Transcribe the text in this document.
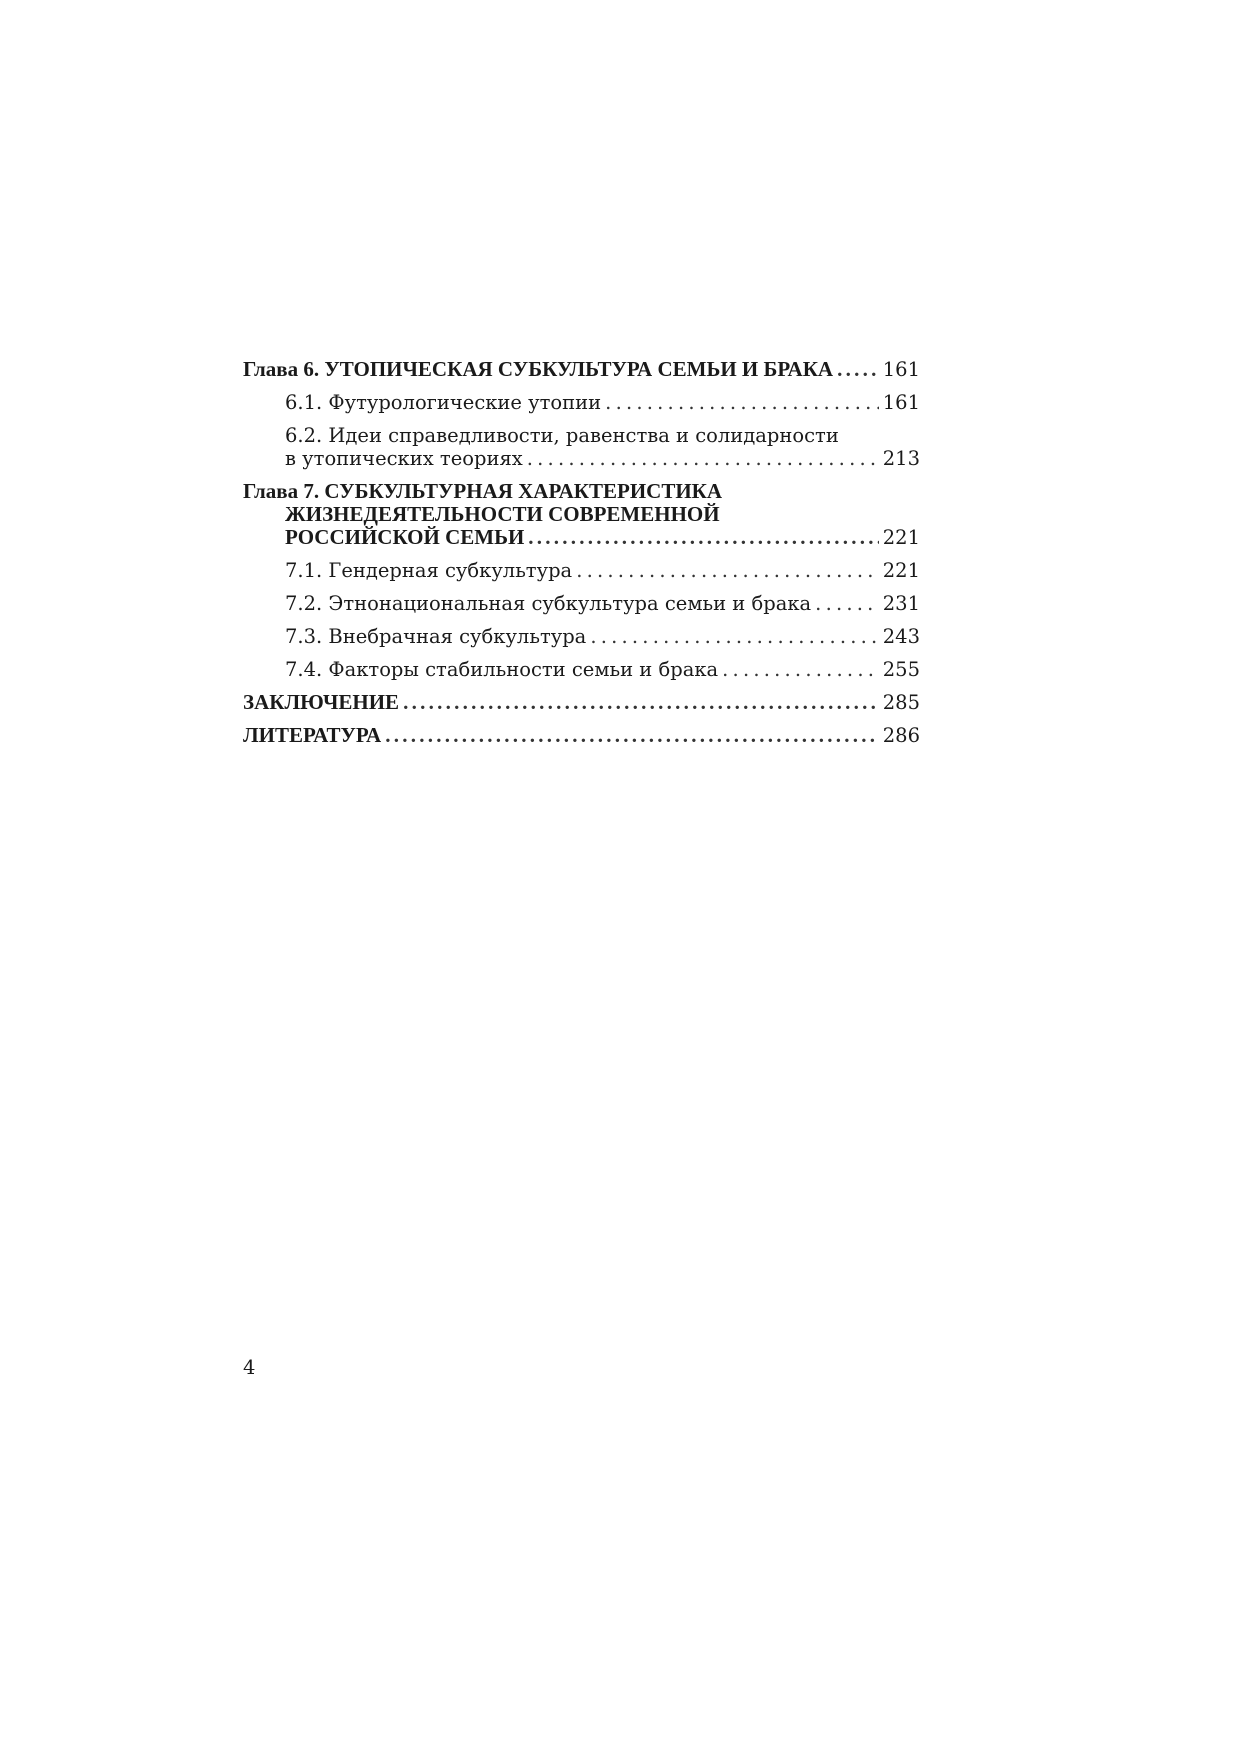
Глава 6. УТОПИЧЕСКАЯ СУБКУЛЬТУРА СЕМЬИ И БРАКА . . .	161
6.1. Футурологические утопии . . .	161
6.2. Идеи справедливости, равенства и солидарности
в утопических теориях . . .	213
Глава 7. СУБКУЛЬТУРНАЯ ХАРАКТЕРИСТИКА
ЖИЗНЕДЕЯТЕЛЬНОСТИ СОВРЕМЕННОЙ
РОССИЙСКОЙ СЕМЬИ . . .	221
7.1. Гендерная субкультура . . .	221
7.2. Этнонациональная субкультура семьи и брака . . .	231
7.3. Внебрачная субкультура . . .	243
7.4. Факторы стабильности семьи и брака . . .	255
ЗАКЛЮЧЕНИЕ . . .	285
ЛИТЕРАТУРА . . .	286
4
